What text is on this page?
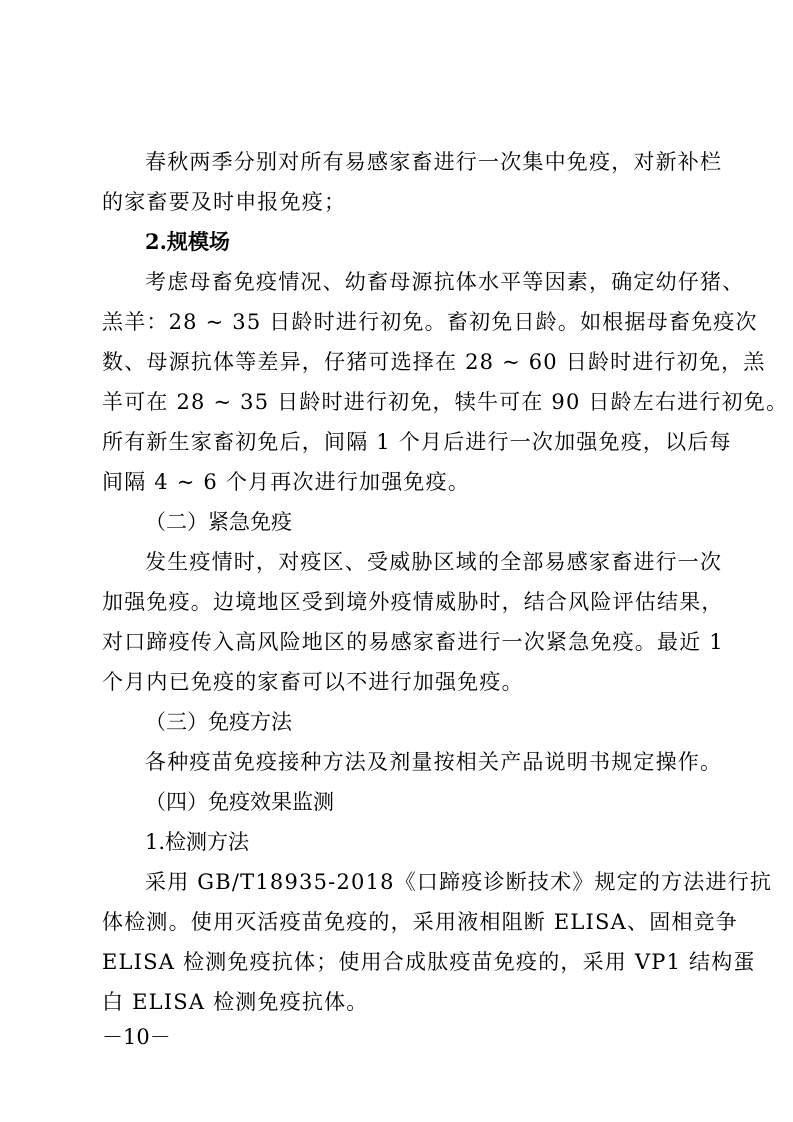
春秋两季分别对所有易感家畜进行一次集中免疫，对新补栏
的家畜要及时申报免疫；
2.规模场
考虑母畜免疫情况、幼畜母源抗体水平等因素，确定幼仔猪、
羔羊：28 ~ 35 日龄时进行初免。畜初免日龄。如根据母畜免疫次
数、母源抗体等差异，仔猪可选择在 28 ~ 60 日龄时进行初免，羔
羊可在 28 ~ 35 日龄时进行初免，犊牛可在 90 日龄左右进行初免。
所有新生家畜初免后，间隔 1 个月后进行一次加强免疫，以后每
间隔 4 ~ 6 个月再次进行加强免疫。
（二）紧急免疫
发生疫情时，对疫区、受威胁区域的全部易感家畜进行一次
加强免疫。边境地区受到境外疫情威胁时，结合风险评估结果，
对口蹄疫传入高风险地区的易感家畜进行一次紧急免疫。最近 1
个月内已免疫的家畜可以不进行加强免疫。
（三）免疫方法
各种疫苗免疫接种方法及剂量按相关产品说明书规定操作。
（四）免疫效果监测
1.检测方法
采用 GB/T18935-2018《口蹄疫诊断技术》规定的方法进行抗
体检测。使用灭活疫苗免疫的，采用液相阻断 ELISA、固相竞争
ELISA 检测免疫抗体；使用合成肽疫苗免疫的，采用 VP1 结构蛋
白 ELISA 检测免疫抗体。
－10－
